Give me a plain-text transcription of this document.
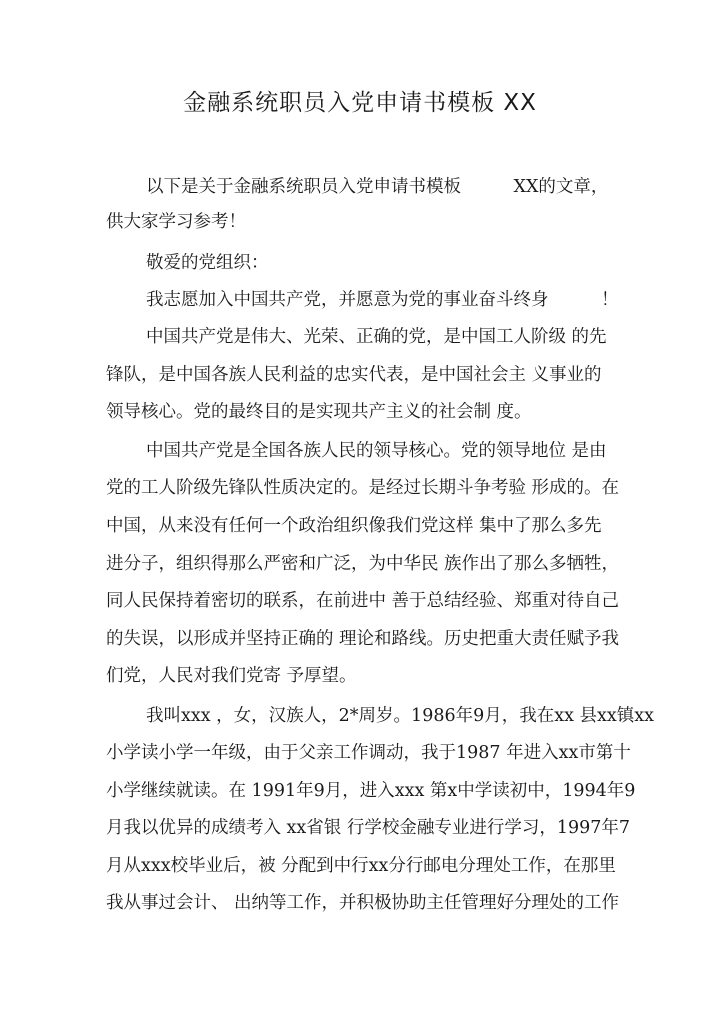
金融系统职员入党申请书模板 XX
以下是关于金融系统职员入党申请书模板　　　XX的文章，
供大家学习参考！
敬爱的党组织：
我志愿加入中国共产党，并愿意为党的事业奋斗终身　　　！
中国共产党是伟大、光荣、正确的党，是中国工人阶级 的先
锋队，是中国各族人民利益的忠实代表，是中国社会主 义事业的
领导核心。党的最终目的是实现共产主义的社会制 度。
中国共产党是全国各族人民的领导核心。党的领导地位 是由
党的工人阶级先锋队性质决定的。是经过长期斗争考验 形成的。在
中国，从来没有任何一个政治组织像我们党这样 集中了那么多先
进分子，组织得那么严密和广泛，为中华民 族作出了那么多牺牲，
同人民保持着密切的联系，在前进中 善于总结经验、郑重对待自己
的失误，以形成并坚持正确的 理论和路线。历史把重大责任赋予我
们党，人民对我们党寄 予厚望。
我叫xxx ，女，汉族人，2*周岁。1986年9月，我在xx 县xx镇xx
小学读小学一年级，由于父亲工作调动，我于1987 年进入xx市第十
小学继续就读。在 1991年9月，进入xxx 第x中学读初中，1994年9
月我以优异的成绩考入 xx省银 行学校金融专业进行学习，1997年7
月从xxx校毕业后，被 分配到中行xx分行邮电分理处工作，在那里
我从事过会计、 出纳等工作，并积极协助主任管理好分理处的工作
